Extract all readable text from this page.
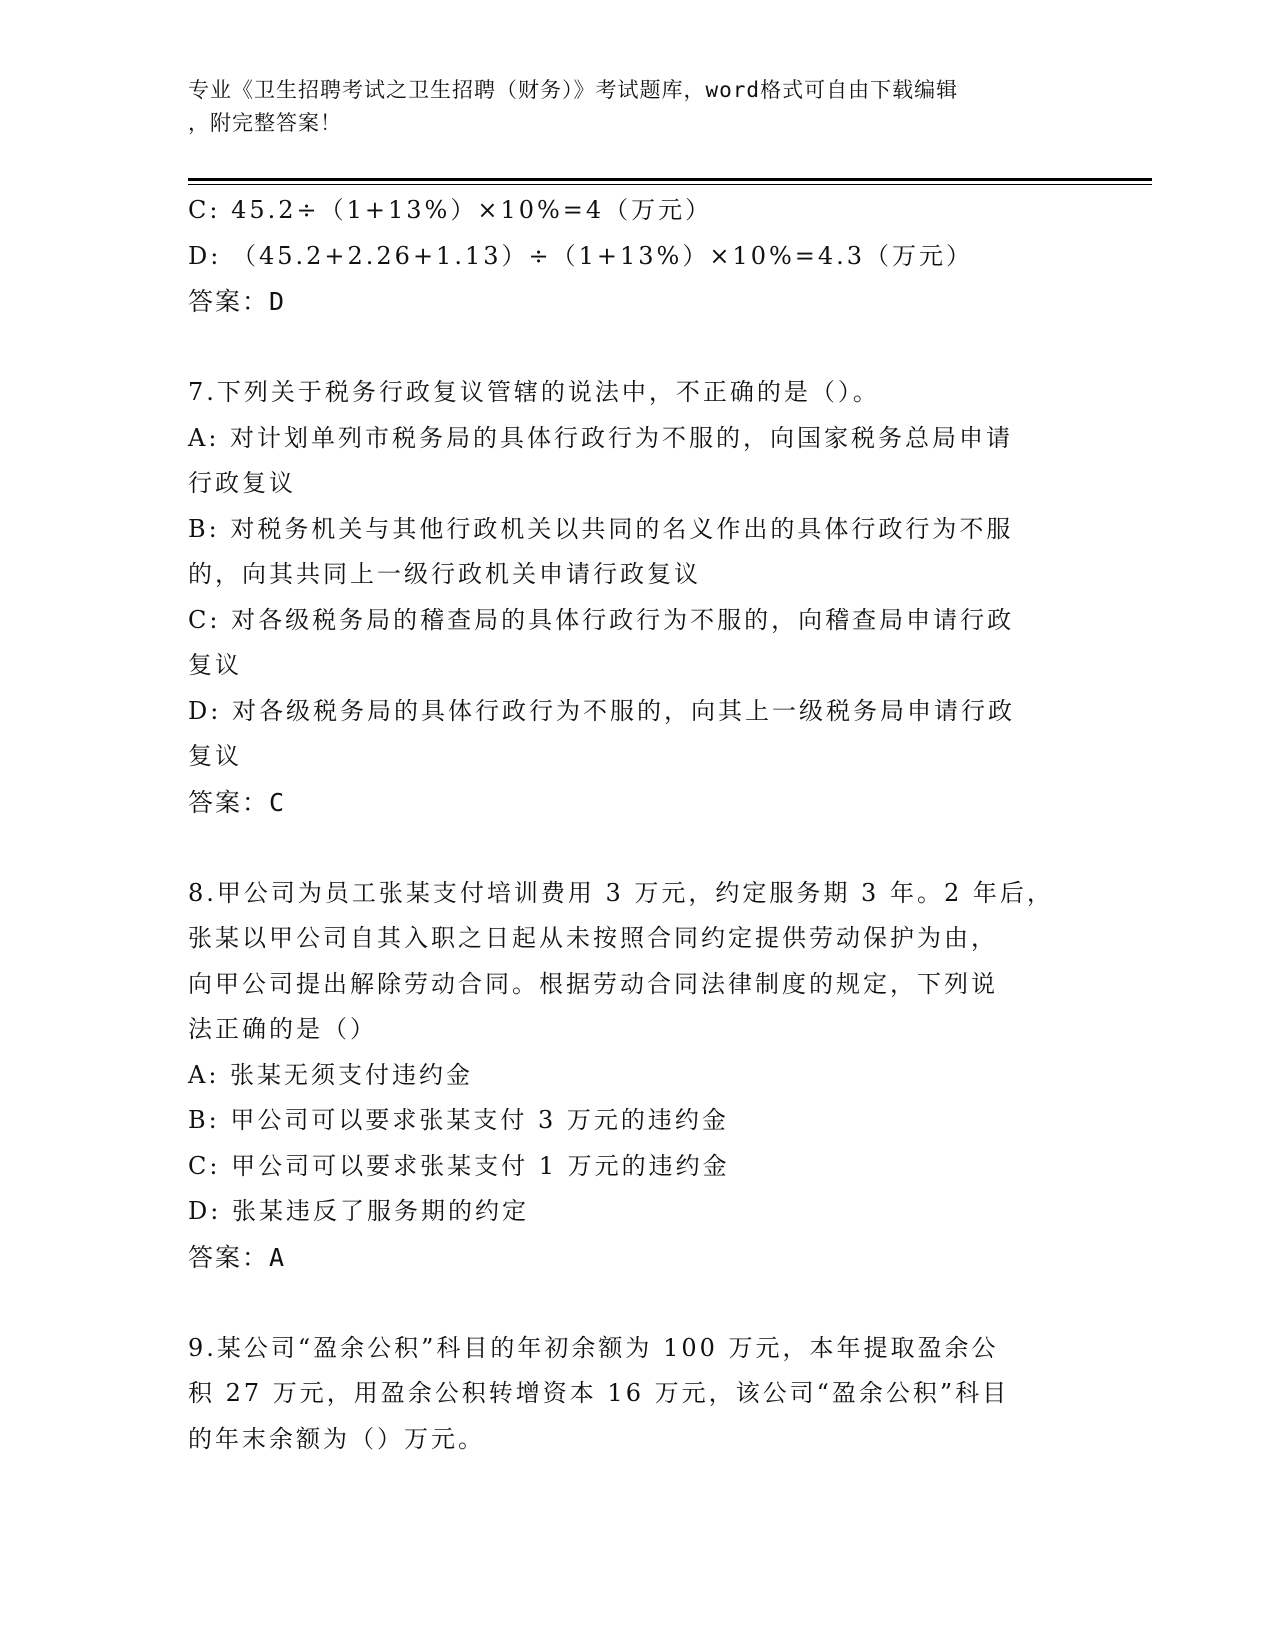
专业《卫生招聘考试之卫生招聘（财务）》考试题库，word格式可自由下载编辑
，附完整答案！
C: 45.2÷（1+13%）×10%=4（万元）
D: （45.2+2.26+1.13）÷（1+13%）×10%=4.3（万元）
答案：D
7.下列关于税务行政复议管辖的说法中，不正确的是（）。
A: 对计划单列市税务局的具体行政行为不服的，向国家税务总局申请
行政复议
B: 对税务机关与其他行政机关以共同的名义作出的具体行政行为不服
的，向其共同上一级行政机关申请行政复议
C: 对各级税务局的稽查局的具体行政行为不服的，向稽查局申请行政
复议
D: 对各级税务局的具体行政行为不服的，向其上一级税务局申请行政
复议
答案：C
8.甲公司为员工张某支付培训费用 3 万元，约定服务期 3 年。2 年后，
张某以甲公司自其入职之日起从未按照合同约定提供劳动保护为由，
向甲公司提出解除劳动合同。根据劳动合同法律制度的规定，下列说
法正确的是（）
A: 张某无须支付违约金
B: 甲公司可以要求张某支付 3 万元的违约金
C: 甲公司可以要求张某支付 1 万元的违约金
D: 张某违反了服务期的约定
答案：A
9.某公司“盈余公积”科目的年初余额为 100 万元，本年提取盈余公
积 27 万元，用盈余公积转增资本 16 万元，该公司“盈余公积”科目
的年末余额为（）万元。
